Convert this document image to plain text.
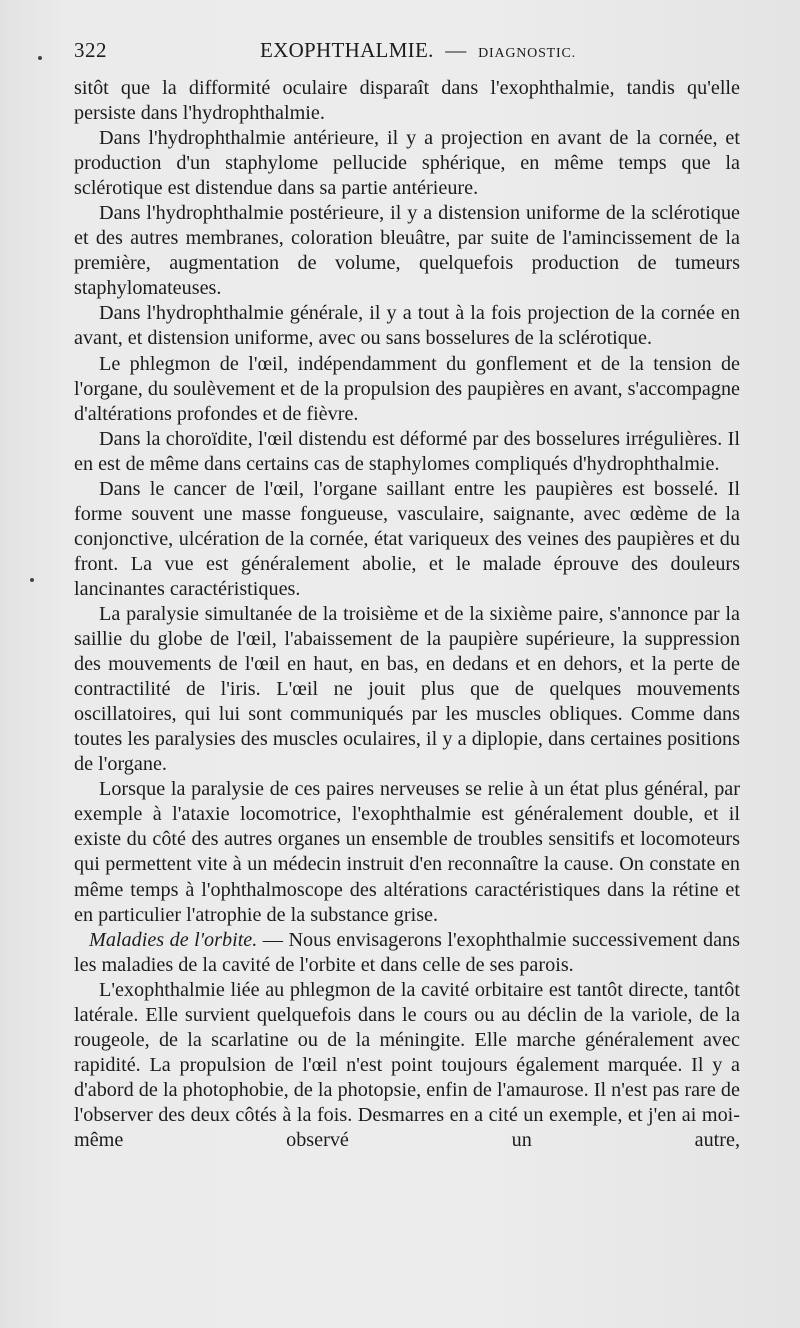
322	EXOPHTHALMIE. — DIAGNOSTIC.

sitôt que la difformité oculaire disparaît dans l'exophthalmie, tandis qu'elle persiste dans l'hydrophthalmie.

Dans l'hydrophthalmie antérieure, il y a projection en avant de la cornée, et production d'un staphylome pellucide sphérique, en même temps que la sclérotique est distendue dans sa partie antérieure.

Dans l'hydrophthalmie postérieure, il y a distension uniforme de la sclérotique et des autres membranes, coloration bleuâtre, par suite de l'amincissement de la première, augmentation de volume, quelquefois production de tumeurs staphylomateuses.

Dans l'hydrophthalmie générale, il y a tout à la fois projection de la cornée en avant, et distension uniforme, avec ou sans bosselures de la sclérotique.

Le phlegmon de l'œil, indépendamment du gonflement et de la tension de l'organe, du soulèvement et de la propulsion des paupières en avant, s'accompagne d'altérations profondes et de fièvre.

Dans la choroïdite, l'œil distendu est déformé par des bosselures irrégulières. Il en est de même dans certains cas de staphylomes compliqués d'hydrophthalmie.

Dans le cancer de l'œil, l'organe saillant entre les paupières est bosselé. Il forme souvent une masse fongueuse, vasculaire, saignante, avec œdème de la conjonctive, ulcération de la cornée, état variqueux des veines des paupières et du front. La vue est généralement abolie, et le malade éprouve des douleurs lancinantes caractéristiques.

La paralysie simultanée de la troisième et de la sixième paire, s'annonce par la saillie du globe de l'œil, l'abaissement de la paupière supérieure, la suppression des mouvements de l'œil en haut, en bas, en dedans et en dehors, et la perte de contractilité de l'iris. L'œil ne jouit plus que de quelques mouvements oscillatoires, qui lui sont communiqués par les muscles obliques. Comme dans toutes les paralysies des muscles oculaires, il y a diplopie, dans certaines positions de l'organe.

Lorsque la paralysie de ces paires nerveuses se relie à un état plus général, par exemple à l'ataxie locomotrice, l'exophthalmie est généralement double, et il existe du côté des autres organes un ensemble de troubles sensitifs et locomoteurs qui permettent vite à un médecin instruit d'en reconnaître la cause. On constate en même temps à l'ophthalmoscope des altérations caractéristiques dans la rétine et en particulier l'atrophie de la substance grise.

Maladies de l'orbite. — Nous envisagerons l'exophthalmie successivement dans les maladies de la cavité de l'orbite et dans celle de ses parois.

L'exophthalmie liée au phlegmon de la cavité orbitaire est tantôt directe, tantôt latérale. Elle survient quelquefois dans le cours ou au déclin de la variole, de la rougeole, de la scarlatine ou de la méningite. Elle marche généralement avec rapidité. La propulsion de l'œil n'est point toujours également marquée. Il y a d'abord de la photophobie, de la photopsie, enfin de l'amaurose. Il n'est pas rare de l'observer des deux côtés à la fois. Desmarres en a cité un exemple, et j'en ai moi-même observé un autre,
